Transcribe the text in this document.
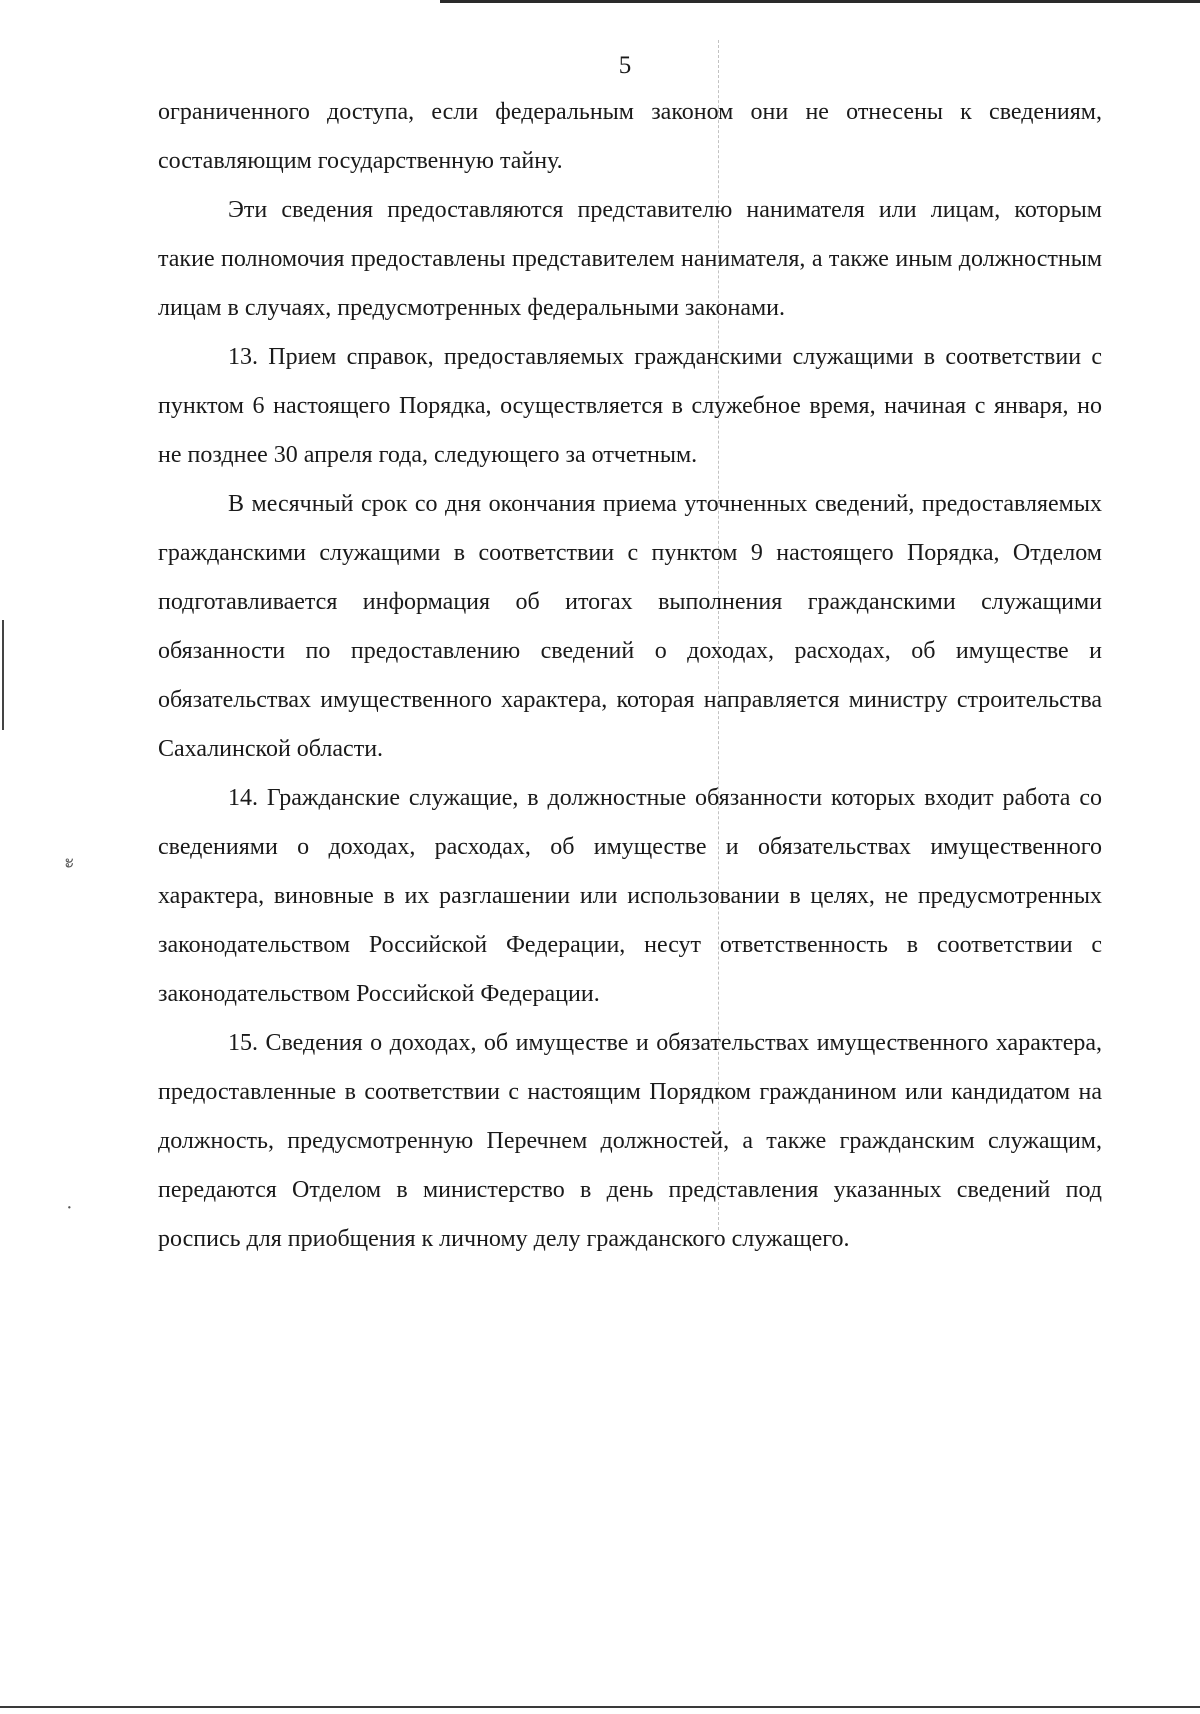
ะ
·
5

ограниченного доступа, если федеральным законом они не отнесены к сведениям, составляющим государственную тайну.

Эти сведения предоставляются представителю нанимателя или лицам, которым такие полномочия предоставлены представителем нанимателя, а также иным должностным лицам в случаях, предусмотренных федеральными законами.

13. Прием справок, предоставляемых гражданскими служащими в соответствии с пунктом 6 настоящего Порядка, осуществляется в служебное время, начиная с января, но не позднее 30 апреля года, следующего за отчетным.

В месячный срок со дня окончания приема уточненных сведений, предоставляемых гражданскими служащими в соответствии с пунктом 9 настоящего Порядка, Отделом подготавливается информация об итогах выполнения гражданскими служащими обязанности по предоставлению сведений о доходах, расходах, об имуществе и обязательствах имущественного характера, которая направляется министру строительства Сахалинской области.

14. Гражданские служащие, в должностные обязанности которых входит работа со сведениями о доходах, расходах, об имуществе и обязательствах имущественного характера, виновные в их разглашении или использовании в целях, не предусмотренных законодательством Российской Федерации, несут ответственность в соответствии с законодательством Российской Федерации.

15. Сведения о доходах, об имуществе и обязательствах имущественного характера, предоставленные в соответствии с настоящим Порядком гражданином или кандидатом на должность, предусмотренную Перечнем должностей, а также гражданским служащим, передаются Отделом в министерство в день представления указанных сведений под роспись для приобщения к личному делу гражданского служащего.
